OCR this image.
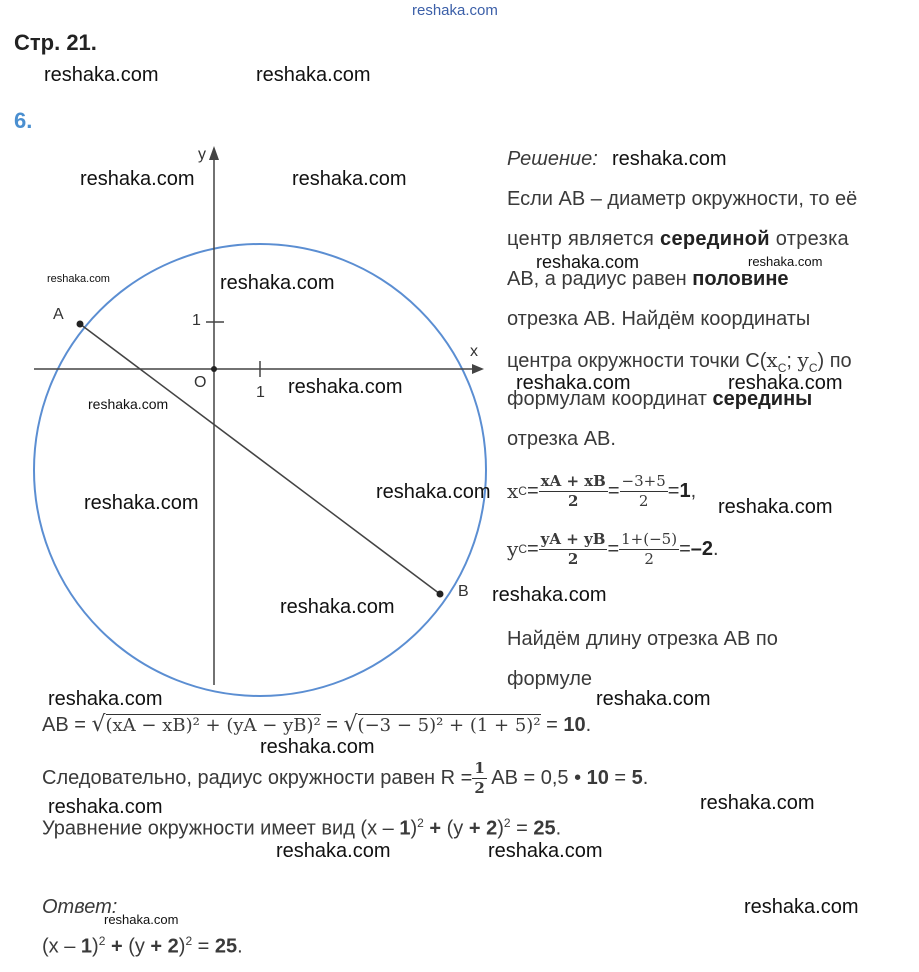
reshaka.com
Стр. 21.
reshaka.com	reshaka.com
6.
y
x
O
1
1
A
B
reshaka.com	reshaka.com
reshaka.com	reshaka.com
reshaka.com
reshaka.com
reshaka.com	reshaka.com
reshaka.com
Решение: reshaka.com
Если AB – диаметр окружности, то её
центр является серединой отрезка
AB, а радиус равен половине
reshaka.com	reshaka.com
отрезка AB. Найдём координаты
центра окружности точки $C(x_C$; $y_C$) по
формулам координат середины
reshaka.com	reshaka.com
отрезка AB.
x $C = \frac{xA + xB}{2} = \frac{-3+5}{2} = 1$ ,
reshaka.com
y $C = \frac{yA + yB}{2} = \frac{1+(-5)}{2} = -2$ .
reshaka.com
Найдём длину отрезка AB по
формуле
reshaka.com	reshaka.com
AB = √(xA − xB)² + (yA − yB)² = √(−3 − 5)² + (1 + 5)² = 10.
reshaka.com
Следовательно, радиус окружности равен $R = \frac{1}{2}$ AB = 0,5 • 10 = 5 .
reshaka.com	reshaka.com
Уравнение окружности имеет вид $(x - 1)^2 + (y + 2)^2 = 25$.
reshaka.com	reshaka.com
Ответ:
reshaka.com
reshaka.com
$(x - 1)^2 + (y + 2)^2 = 25$.
